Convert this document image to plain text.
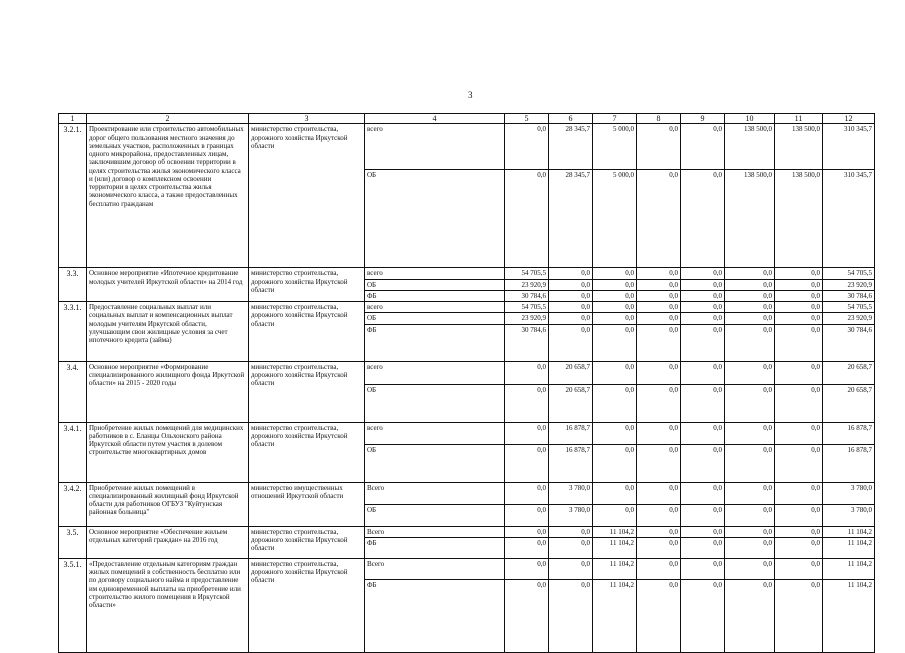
3
1	2	3	4	5	6	7	8	9	10	11	12
3.2.1.	Проектирование или строительство автомобильных дорог общего пользования местного значения до земельных участков, расположенных в границах одного микрорайона, предоставленных лицам, заключившим договор об освоении территории в целях строительства жилья экономического класса и (или) договор о комплексном освоении территории в целях строительства жилья экономического класса, а также предоставленных бесплатно гражданам	министерство строительства, дорожного хозяйства Иркутской области	всего	0,0	28 345,7	5 000,0	0,0	0,0	138 500,0	138 500,0	310 345,7
			ОБ	0,0	28 345,7	5 000,0	0,0	0,0	138 500,0	138 500,0	310 345,7
3.3.	Основное мероприятие «Ипотечное кредитование молодых учителей Иркутской области» на 2014 год	министерство строительства, дорожного хозяйства Иркутской области	всего	54 705,5	0,0	0,0	0,0	0,0	0,0	0,0	54 705,5
			ОБ	23 920,9	0,0	0,0	0,0	0,0	0,0	0,0	23 920,9
			ФБ	30 784,6	0,0	0,0	0,0	0,0	0,0	0,0	30 784,6
3.3.1.	Предоставление социальных выплат или социальных выплат и компенсационных выплат молодым учителям Иркутской области, улучшающим свои жилищные условия за счет ипотечного кредита (займа)	министерство строительства, дорожного хозяйства Иркутской области	всего	54 705,5	0,0	0,0	0,0	0,0	0,0	0,0	54 705,5
			ОБ	23 920,9	0,0	0,0	0,0	0,0	0,0	0,0	23 920,9
			ФБ	30 784,6	0,0	0,0	0,0	0,0	0,0	0,0	30 784,6
3.4.	Основное мероприятие «Формирование специализированного жилищного фонда Иркутской области» на 2015 - 2020 годы	министерство строительства, дорожного хозяйства Иркутской области	всего	0,0	20 658,7	0,0	0,0	0,0	0,0	0,0	20 658,7
			ОБ	0,0	20 658,7	0,0	0,0	0,0	0,0	0,0	20 658,7
3.4.1.	Приобретение жилых помещений для медицинских работников в с. Еланцы Ольхонского района Иркутской области путем участия в долевом строительстве многоквартирных домов	министерство строительства, дорожного хозяйства Иркутской области	всего	0,0	16 878,7	0,0	0,0	0,0	0,0	0,0	16 878,7
			ОБ	0,0	16 878,7	0,0	0,0	0,0	0,0	0,0	16 878,7
3.4.2.	Приобретение жилых помещений в специализированный жилищный фонд Иркутской области для работников ОГБУЗ "Куйтунская районная больница"	министерство имущественных отношений Иркутской области	Всего	0,0	3 780,0	0,0	0,0	0,0	0,0	0,0	3 780,0
			ОБ	0,0	3 780,0	0,0	0,0	0,0	0,0	0,0	3 780,0
3.5.	Основное мероприятие «Обеспечение жильем отдельных категорий граждан» на 2016 год	министерство строительства, дорожного хозяйства Иркутской области	Всего	0,0	0,0	11 104,2	0,0	0,0	0,0	0,0	11 104,2
			ФБ	0,0	0,0	11 104,2	0,0	0,0	0,0	0,0	11 104,2
3.5.1.	«Предоставление отдельным категориям граждан жилых помещений в собственность бесплатно или по договору социального найма и предоставление им единовременной выплаты на приобретение или строительство жилого помещения в Иркутской области»	министерство строительства, дорожного хозяйства Иркутской области	Всего	0,0	0,0	11 104,2	0,0	0,0	0,0	0,0	11 104,2
			ФБ	0,0	0,0	11 104,2	0,0	0,0	0,0	0,0	11 104,2
